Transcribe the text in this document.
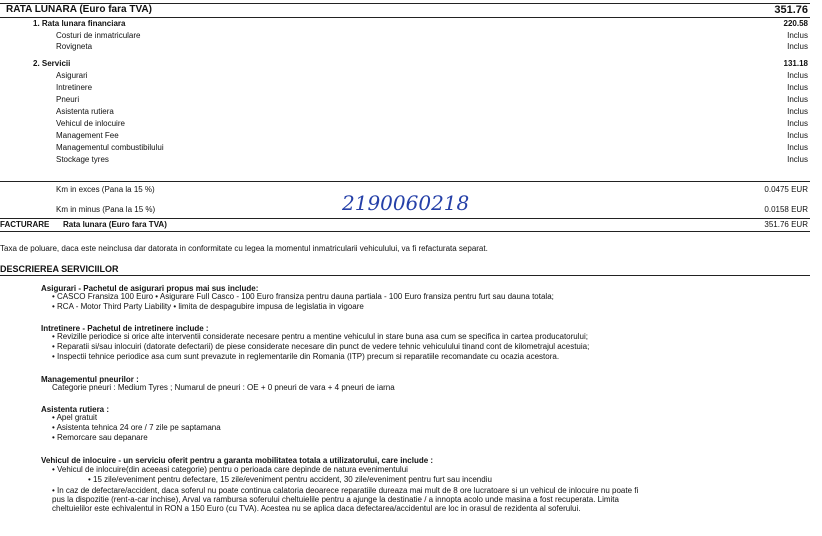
RATA LUNARA (Euro fara TVA)	351.76
1. Rata lunara financiara	220.58
Costuri de inmatriculare	Inclus
Rovigneta	Inclus
2. Servicii	131.18
Asigurari	Inclus
Intretinere	Inclus
Pneuri	Inclus
Asistenta rutiera	Inclus
Vehicul de inlocuire	Inclus
Management Fee	Inclus
Managementul combustibilului	Inclus
Stockage tyres	Inclus
Km in exces (Pana la 15 %)	0.0475 EUR
Km in minus (Pana la 15 %)	0.0158 EUR
2190060218
FACTURARE Rata lunara (Euro fara TVA)	351.76 EUR
Taxa de poluare, daca este neinclusa dar datorata in conformitate cu legea la momentul inmatricularii vehiculului, va fi refacturata separat.
DESCRIEREA SERVICIILOR
Asigurari - Pachetul de asigurari propus mai sus include:
• CASCO Fransiza 100 Euro • Asigurare Full Casco - 100 Euro fransiza pentru dauna partiala - 100 Euro fransiza pentru furt sau dauna totala;
• RCA - Motor Third Party Liability • limita de despagubire impusa de legislatia in vigoare
Intretinere - Pachetul de intretinere include :
• Revizille periodice si orice alte interventii considerate necesare pentru a mentine vehiculul in stare buna asa cum se specifica in cartea producatorului;
• Reparatii si/sau inlocuiri (datorate defectarii) de piese considerate necesare din punct de vedere tehnic vehiculului tinand cont de kilometrajul acestuia;
• Inspectii tehnice periodice asa cum sunt prevazute in reglementarile din Romania (ITP) precum si reparatiile recomandate cu ocazia acestora.
Managementul pneurilor :
Categorie pneuri : Medium Tyres ; Numarul de pneuri : OE + 0 pneuri de vara + 4 pneuri de iarna
Asistenta rutiera :
• Apel gratuit
• Asistenta tehnica 24 ore / 7 zile pe saptamana
• Remorcare sau depanare
Vehicul de inlocuire - un serviciu oferit pentru a garanta mobilitatea totala a utilizatorului, care include :
• Vehicul de inlocuire(din aceeasi categorie) pentru o perioada care depinde de natura evenimentului
• 15 zile/eveniment pentru defectare, 15 zile/eveniment pentru accident, 30 zile/eveniment pentru furt sau incendiu
• In caz de defectare/accident, daca soferul nu poate continua calatoria deoarece reparatiile dureaza mai mult de 8 ore lucratoare si un vehicul de inlocuire nu poate fi
pus la dispozitie (rent-a-car inchise), Arval va rambursa soferului cheltuielile pentru a ajunge la destinatie / a innopta acolo unde masina a fost recuperata. Limita
cheltuielilor este echivalentul in RON a 150 Euro (cu TVA). Acestea nu se aplica daca defectarea/accidentul are loc in orasul de rezidenta al soferului.
